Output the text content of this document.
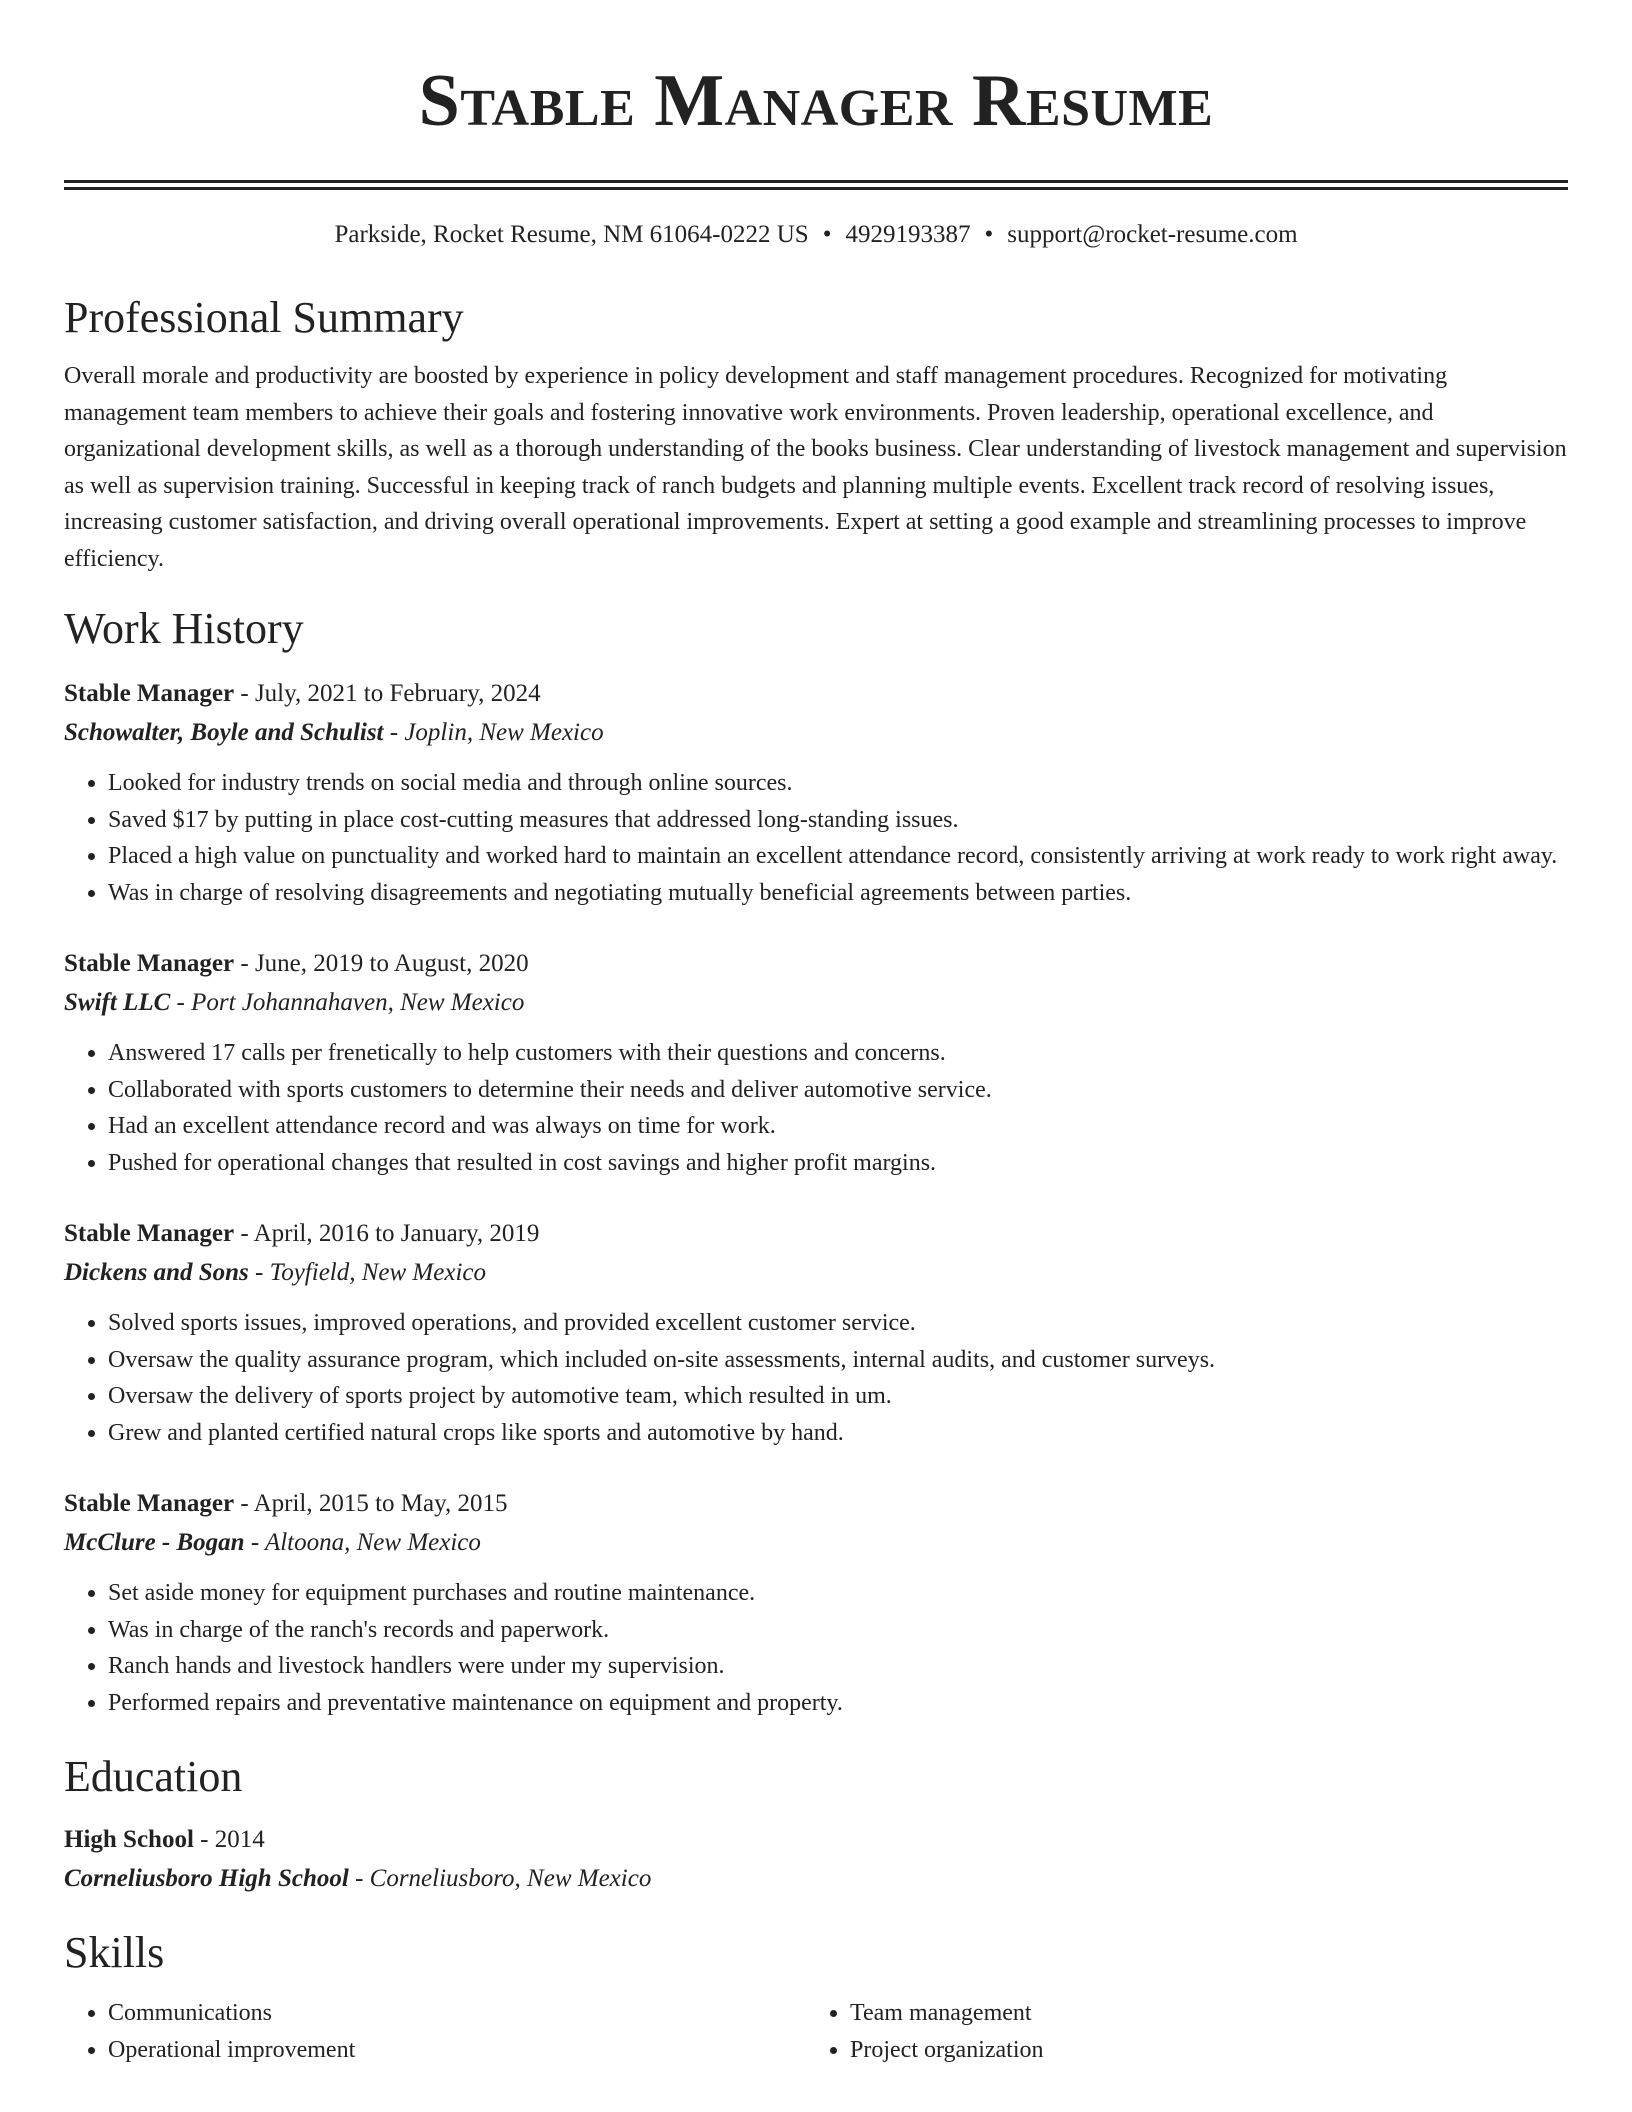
Stable Manager Resume
Parkside, Rocket Resume, NM 61064-0222 US • 4929193387 • support@rocket-resume.com
Professional Summary

Overall morale and productivity are boosted by experience in policy development and staff management procedures. Recognized for motivating management team members to achieve their goals and fostering innovative work environments. Proven leadership, operational excellence, and organizational development skills, as well as a thorough understanding of the books business. Clear understanding of livestock management and supervision as well as supervision training. Successful in keeping track of ranch budgets and planning multiple events. Excellent track record of resolving issues, increasing customer satisfaction, and driving overall operational improvements. Expert at setting a good example and streamlining processes to improve efficiency.

Work History
Stable Manager - July, 2021 to February, 2024
Schowalter, Boyle and Schulist - Joplin, New Mexico
• Looked for industry trends on social media and through online sources.
• Saved $17 by putting in place cost-cutting measures that addressed long-standing issues.
• Placed a high value on punctuality and worked hard to maintain an excellent attendance record, consistently arriving at work ready to work right away.
• Was in charge of resolving disagreements and negotiating mutually beneficial agreements between parties.
Stable Manager - June, 2019 to August, 2020
Swift LLC - Port Johannahaven, New Mexico
• Answered 17 calls per frenetically to help customers with their questions and concerns.
• Collaborated with sports customers to determine their needs and deliver automotive service.
• Had an excellent attendance record and was always on time for work.
• Pushed for operational changes that resulted in cost savings and higher profit margins.
Stable Manager - April, 2016 to January, 2019
Dickens and Sons - Toyfield, New Mexico
• Solved sports issues, improved operations, and provided excellent customer service.
• Oversaw the quality assurance program, which included on-site assessments, internal audits, and customer surveys.
• Oversaw the delivery of sports project by automotive team, which resulted in um.
• Grew and planted certified natural crops like sports and automotive by hand.
Stable Manager - April, 2015 to May, 2015
McClure - Bogan - Altoona, New Mexico
• Set aside money for equipment purchases and routine maintenance.
• Was in charge of the ranch's records and paperwork.
• Ranch hands and livestock handlers were under my supervision.
• Performed repairs and preventative maintenance on equipment and property.
Education
High School - 2014
Corneliusboro High School - Corneliusboro, New Mexico
Skills
• Communications
• Operational improvement
• Team management
• Project organization
